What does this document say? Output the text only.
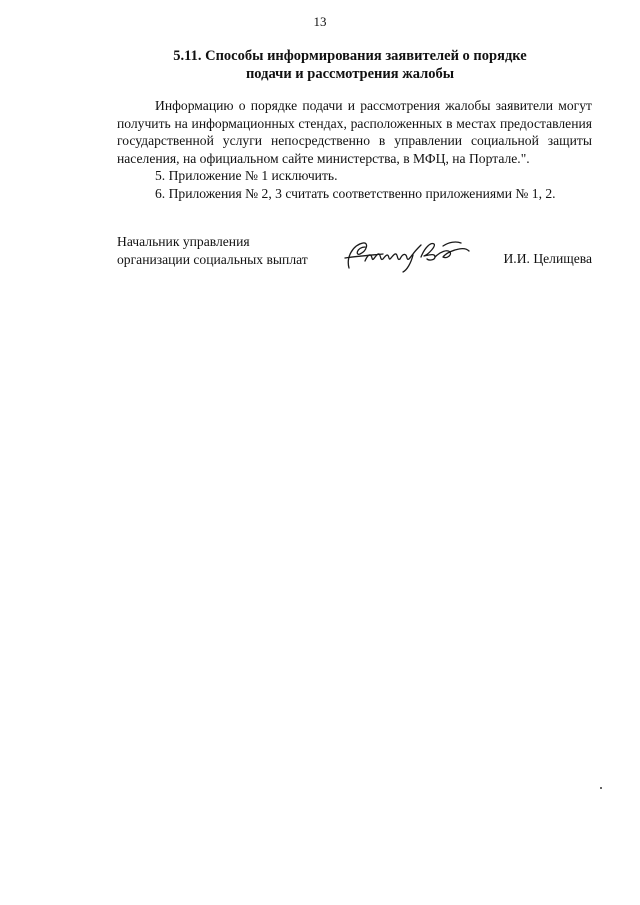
13
5.11. Способы информирования заявителей о порядке
подачи и рассмотрения жалобы

Информацию о порядке подачи и рассмотрения жалобы заявители могут получить на информационных стендах, расположенных в местах предоставления государственной услуги непосредственно в управлении социальной защиты населения, на официальном сайте министерства, в МФЦ, на Портале.".

5. Приложение № 1 исключить.

6. Приложения № 2, 3 считать соответственно приложениями № 1, 2.

Начальник управления
организации социальных выплат	И.И. Целищева
